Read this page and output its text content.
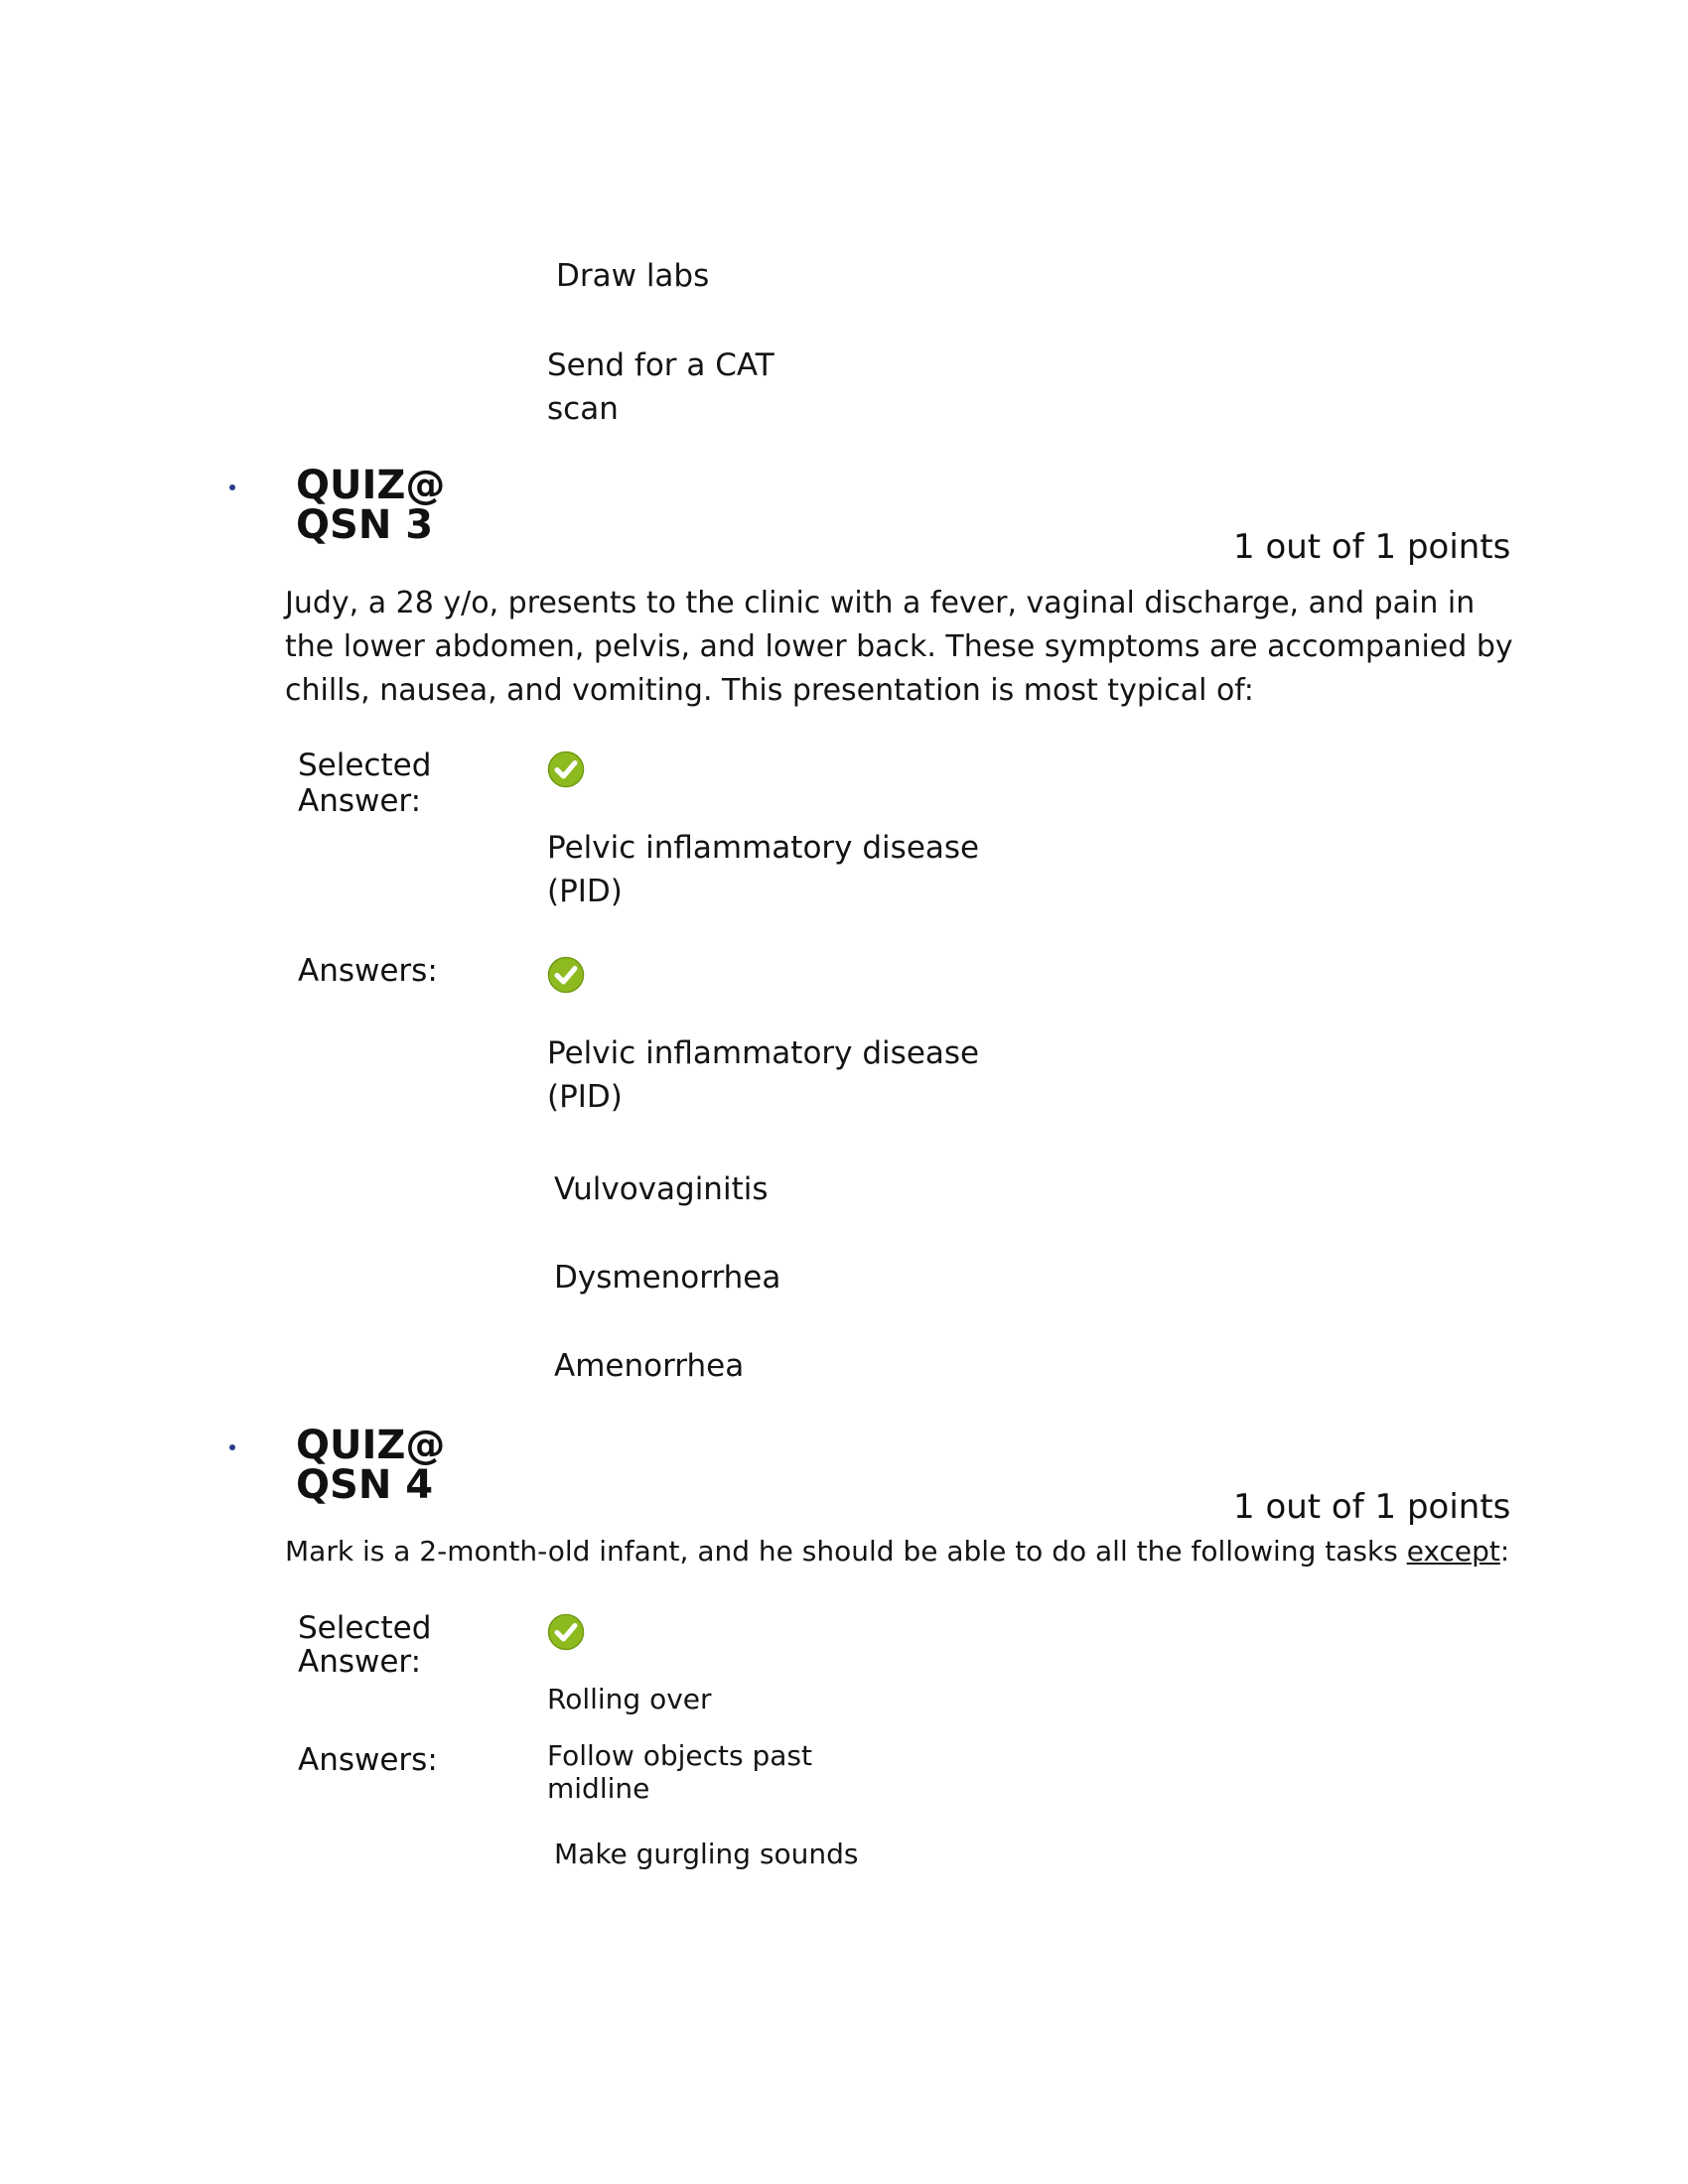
Draw labs
Send for a CAT
scan
QUIZ@
QSN 3	1 out of 1 points
Judy, a 28 y/o, presents to the clinic with a fever, vaginal discharge, and pain in the lower abdomen, pelvis, and lower back. These symptoms are accompanied by chills, nausea, and vomiting. This presentation is most typical of:
Selected
Answer:
Pelvic inflammatory disease
(PID)
Answers:
Pelvic inflammatory disease
(PID)
Vulvovaginitis
Dysmenorrhea
Amenorrhea
QUIZ@
QSN 4	1 out of 1 points
Mark is a 2-month-old infant, and he should be able to do all the following tasks except:
Selected
Answer:
Rolling over
Answers:	Follow objects past
midline
Make gurgling sounds
